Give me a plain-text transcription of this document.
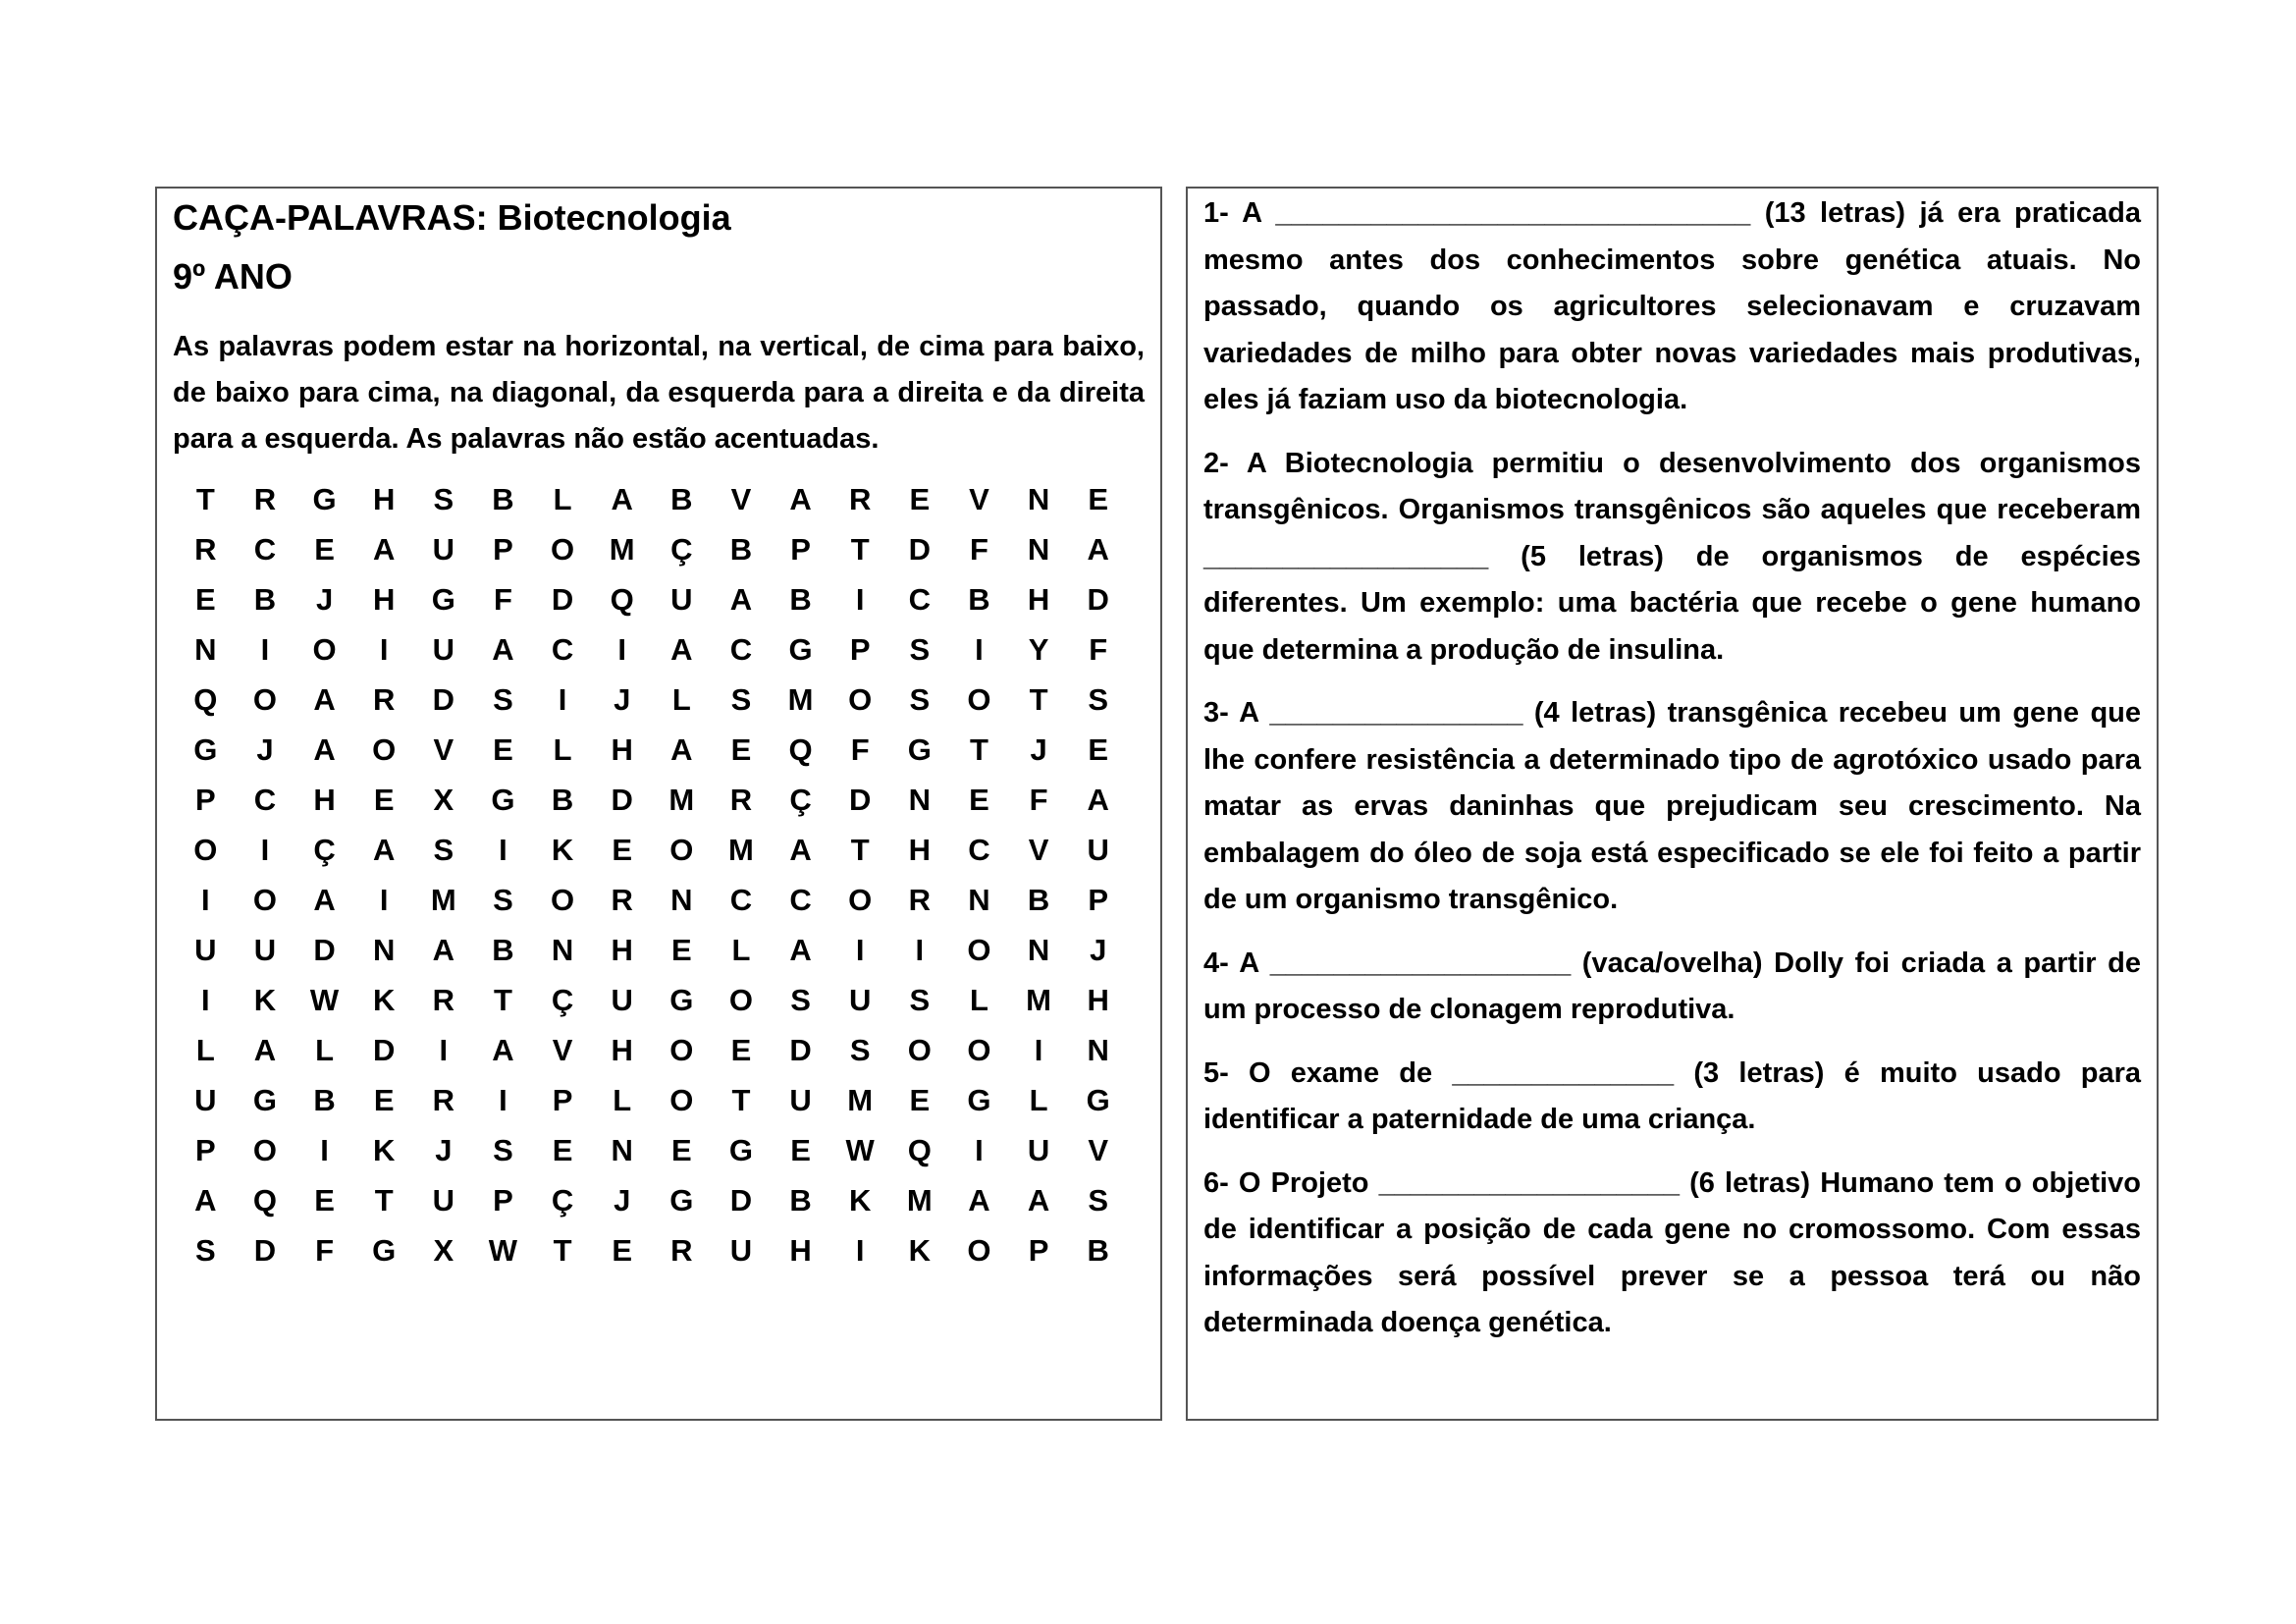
CAÇA-PALAVRAS: Biotecnologia
9º ANO
As palavras podem estar na horizontal, na vertical, de cima para baixo, de baixo para cima, na diagonal, da esquerda para a direita e da direita para a esquerda. As palavras não estão acentuadas.
T	R	G	H	S	B	L	A	B	V	A	R	E	V	N	E
R	C	E	A	U	P	O	M	Ç	B	P	T	D	F	N	A
E	B	J	H	G	F	D	Q	U	A	B	I	C	B	H	D
N	I	O	I	U	A	C	I	A	C	G	P	S	I	Y	F
Q	O	A	R	D	S	I	J	L	S	M	O	S	O	T	S
G	J	A	O	V	E	L	H	A	E	Q	F	G	T	J	E
P	C	H	E	X	G	B	D	M	R	Ç	D	N	E	F	A
O	I	Ç	A	S	I	K	E	O	M	A	T	H	C	V	U
I	O	A	I	M	S	O	R	N	C	C	O	R	N	B	P
U	U	D	N	A	B	N	H	E	L	A	I	I	O	N	J
I	K	W	K	R	T	Ç	U	G	O	S	U	S	L	M	H
L	A	L	D	I	A	V	H	O	E	D	S	O	O	I	N
U	G	B	E	R	I	P	L	O	T	U	M	E	G	L	G
P	O	I	K	J	S	E	N	E	G	E	W	Q	I	U	V
A	Q	E	T	U	P	Ç	J	G	D	B	K	M	A	A	S
S	D	F	G	X	W	T	E	R	U	H	I	K	O	P	B

1- A ______________________________ (13 letras) já era praticada mesmo antes dos conhecimentos sobre genética atuais. No passado, quando os agricultores selecionavam e cruzavam variedades de milho para obter novas variedades mais produtivas, eles já faziam uso da biotecnologia.

2- A Biotecnologia permitiu o desenvolvimento dos organismos transgênicos. Organismos transgênicos são aqueles que receberam __________________ (5 letras) de organismos de espécies diferentes. Um exemplo: uma bactéria que recebe o gene humano que determina a produção de insulina.

3- A ________________ (4 letras) transgênica recebeu um gene que lhe confere resistência a determinado tipo de agrotóxico usado para matar as ervas daninhas que prejudicam seu crescimento. Na embalagem do óleo de soja está especificado se ele foi feito a partir de um organismo transgênico.

4- A ___________________ (vaca/ovelha) Dolly foi criada a partir de um processo de clonagem reprodutiva.

5- O exame de ______________ (3 letras) é muito usado para identificar a paternidade de uma criança.

6- O Projeto ___________________ (6 letras) Humano tem o objetivo de identificar a posição de cada gene no cromossomo. Com essas informações será possível prever se a pessoa terá ou não determinada doença genética.
